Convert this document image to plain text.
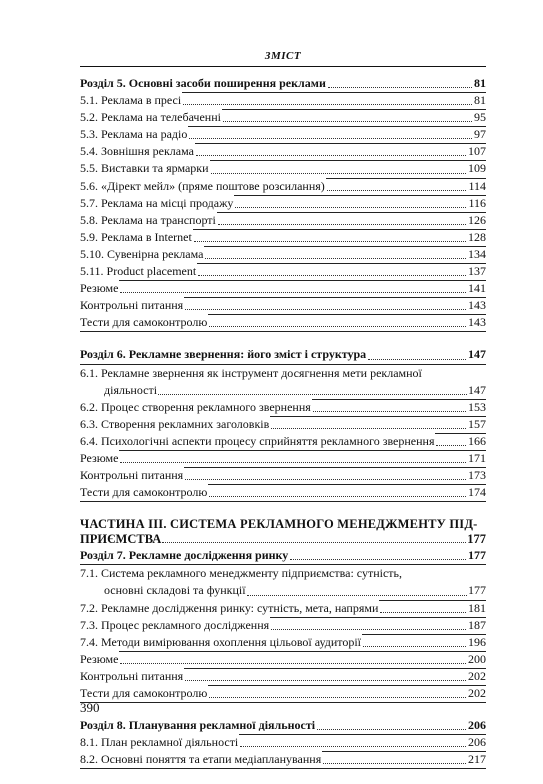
ЗМІСТ
Розділ 5. Основні засоби поширення реклами	81
5.1. Реклама в пресі	81
5.2. Реклама на телебаченні	95
5.3. Реклама на радіо	97
5.4. Зовнішня реклама	107
5.5. Виставки та ярмарки	109
5.6. «Дірект мейл» (пряме поштове розсилання)	114
5.7. Реклама на місці продажу	116
5.8. Реклама на транспорті	126
5.9. Реклама в Internet	128
5.10. Сувенірна реклама	134
5.11. Product placement	137
Резюме	141
Контрольні питання	143
Тести для самоконтролю	143
Розділ 6. Рекламне звернення: його зміст і структура	147
6.1. Рекламне звернення як інструмент досягнення мети рекламної
діяльності	147
6.2. Процес створення рекламного звернення	153
6.3. Створення рекламних заголовків	157
6.4. Психологічні аспекти процесу сприйняття рекламного звернення	166
Резюме	171
Контрольні питання	173
Тести для самоконтролю	174
ЧАСТИНА ІІІ. СИСТЕМА РЕКЛАМНОГО МЕНЕДЖМЕНТУ ПІД-
ПРИЄМСТВА	177
Розділ 7. Рекламне дослідження ринку	177
7.1. Система рекламного менеджменту підприємства: сутність,
основні складові та функції	177
7.2. Рекламне дослідження ринку: сутність, мета, напрями	181
7.3. Процес рекламного дослідження	187
7.4. Методи вимірювання охоплення цільової аудиторії	196
Резюме	200
Контрольні питання	202
Тести для самоконтролю	202
Розділ 8. Планування рекламної діяльності	206
8.1. План рекламної діяльності	206
8.2. Основні поняття та етапи медіапланування	217
390
